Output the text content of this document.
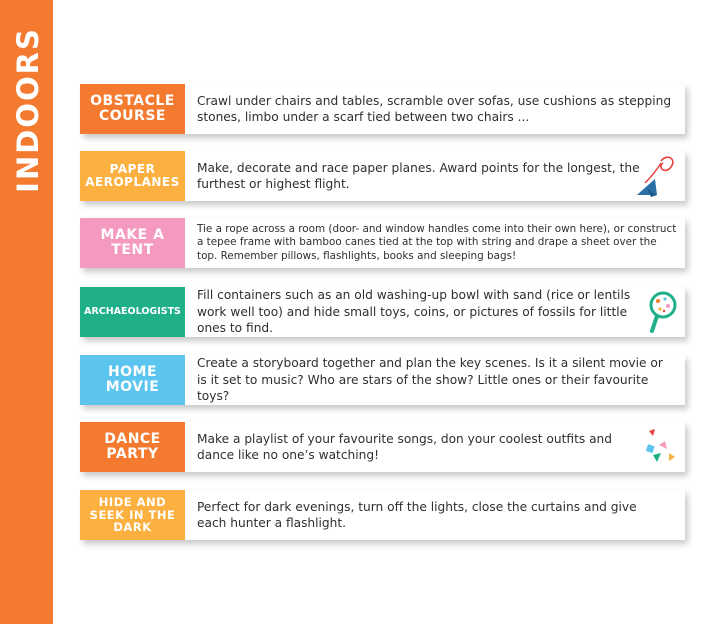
INDOORS	OBSTACLE COURSE
Crawl under chairs and tables, scramble over sofas, use cushions as stepping stones, limbo under a scarf tied between two chairs ...
PAPER AEROPLANES
Make, decorate and race paper planes. Award points for the longest, the furthest or highest flight.
MAKE A TENT
Tie a rope across a room (door- and window handles come into their own here), or construct a tepee frame with bamboo canes tied at the top with string and drape a sheet over the top. Remember pillows, flashlights, books and sleeping bags!
ARCHAEOLOGISTS
Fill containers such as an old washing-up bowl with sand (rice or lentils work well too) and hide small toys, coins, or pictures of fossils for little ones to find.
HOME MOVIE
Create a storyboard together and plan the key scenes. Is it a silent movie or is it set to music? Who are stars of the show? Little ones or their favourite toys?
DANCE PARTY
Make a playlist of your favourite songs, don your coolest outfits and dance like no one’s watching!
HIDE AND SEEK IN THE DARK
Perfect for dark evenings, turn off the lights, close the curtains and give each hunter a flashlight.
